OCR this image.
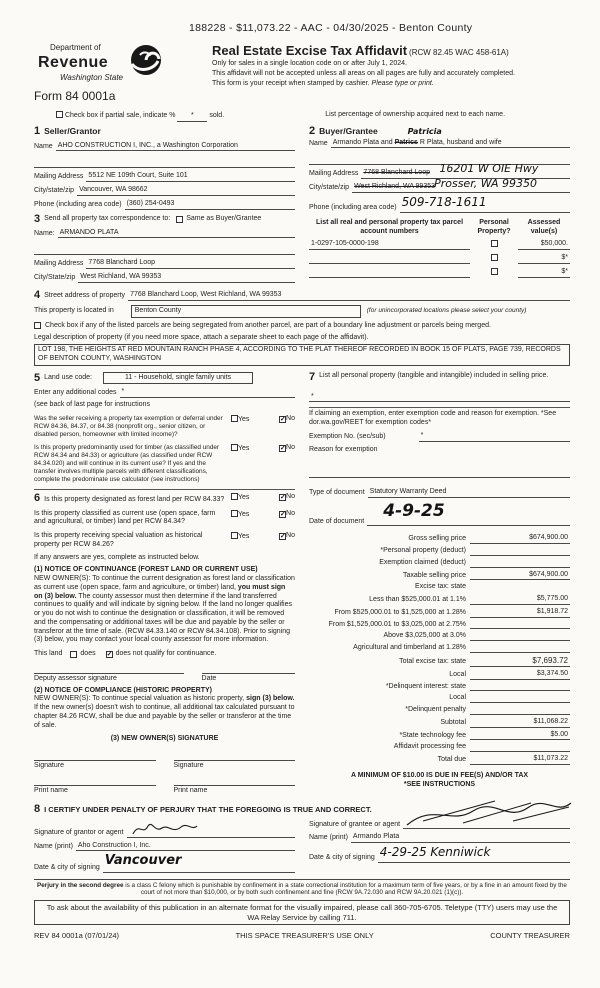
188228 - $11,073.22 - AAC - 04/30/2025 - Benton County
Department of
Revenue
Washington State
Form 84 0001a
Real Estate Excise Tax Affidavit (RCW 82.45 WAC 458-61A)
Only for sales in a single location code on or after July 1, 2024.
This affidavit will not be accepted unless all areas on all pages are fully and accurately completed.
This form is your receipt when stamped by cashier. Please type or print.
Check box if partial sale, indicate % * sold.	List percentage of ownership acquired next to each name.
1 Seller/Grantor
Name AHO CONSTRUCTION I, INC., a Washington Corporation
Mailing Address 5512 NE 109th Court, Suite 101
City/state/zip Vancouver, WA 98662
Phone (including area code) (360) 254-0493
3 Send all property tax correspondence to: Same as Buyer/Grantee
Name: ARMANDO PLATA
Mailing Address 7768 Blanchard Loop
City/State/zip West Richland, WA 99353
2 Buyer/Grantee	Patricia
Name Armando Plata and Patrics R Plata, husband and wife
Mailing Address 7768 Blanchard Loop 16201 W OIE Hwy
City/state/zip West Richland, WA 99353 Prosser, WA 99350
Phone (including area code) 509-718-1611
List all real and personal property tax parcel account numbers
Personal Property?
Assessed value(s)
1-0297-105-0000-198	$50,000.
$*
$*
4 Street address of property 7768 Blanchard Loop, West Richland, WA 99353
This property is located in	Benton County	(for unincorporated locations please select your county)
Check box if any of the listed parcels are being segregated from another parcel, are part of a boundary line adjustment or parcels being merged.
Legal description of property (if you need more space, attach a separate sheet to each page of the affidavit).
LOT 198, THE HEIGHTS AT RED MOUNTAIN RANCH PHASE 4, ACCORDING TO THE PLAT THEREOF RECORDED IN BOOK 15 OF PLATS, PAGE 739, RECORDS OF BENTON COUNTY, WASHINGTON
5 Land use code:	11 - Household, single family units
Enter any additional codes *
(see back of last page for instructions
Was the seller receiving a property tax exemption or deferral under RCW 84.36, 84.37, or 84.38 (nonprofit org., senior citizen, or disabled person, homeowner with limited income)?
Yes	✓No
Is this property predominantly used for timber (as classified under RCW 84.34 and 84.33) or agriculture (as classified under RCW 84.34.020) and will continue in its current use? If yes and the transfer involves multiple parcels with different classifications, complete the predominate use calculator (see instructions)
Yes	✓No
6 Is this property designated as forest land per RCW 84.33?	Yes	✓No
Is this property classified as current use (open space, farm and agricultural, or timber) land per RCW 84.34?
Yes	✓No
Is this property receiving special valuation as historical property per RCW 84.26?
Yes	✓No
If any answers are yes, complete as instructed below.
(1) NOTICE OF CONTINUANCE (FOREST LAND OR CURRENT USE)
NEW OWNER(S): To continue the current designation as forest land or classification as current use (open space, farm and agriculture, or timber) land, you must sign on (3) below. The county assessor must then determine if the land transferred continues to qualify and will indicate by signing below. If the land no longer qualifies or you do not wish to continue the designation or classification, it will be removed and the compensating or additional taxes will be due and payable by the seller or transferor at the time of sale. (RCW 84.33.140 or RCW 84.34.108). Prior to signing (3) below, you may contact your local county assessor for more information.
This land	does ✓ does not qualify for continuance.
Deputy assessor signature	Date
(2) NOTICE OF COMPLIANCE (HISTORIC PROPERTY)
NEW OWNER(S): To continue special valuation as historic property, sign (3) below. If the new owner(s) doesn't wish to continue, all additional tax calculated pursuant to chapter 84.26 RCW, shall be due and payable by the seller or transferor at the time of sale.
(3) NEW OWNER(S) SIGNATURE
Signature	Signature
Print name	Print name
7 List all personal property (tangible and intangible) included in selling price.
*
If claiming an exemption, enter exemption code and reason for exemption. *See dor.wa.gov/REET for exemption codes*
Exemption No. (sec/sub)	*
Reason for exemption
Type of document Statutory Warranty Deed
Date of document	4-9-25
Gross selling price	$674,900.00
*Personal property (deduct)
Exemption claimed (deduct)
Taxable selling price	$674,900.00
Excise tax: state
Less than $525,000.01 at 1.1%	$5,775.00
From $525,000.01 to $1,525,000 at 1.28%	$1,918.72
From $1,525,000.01 to $3,025,000 at 2.75%
Above $3,025,000 at 3.0%
Agricultural and timberland at 1.28%
Total excise tax: state	$7,693.72
Local	$3,374.50
*Delinquent interest: state
Local
*Delinquent penalty
Subtotal	$11,068.22
*State technology fee	$5.00
Affidavit processing fee
Total due	$11,073.22
A MINIMUM OF $10.00 IS DUE IN FEE(S) AND/OR TAX
*SEE INSTRUCTIONS
8 I CERTIFY UNDER PENALTY OF PERJURY THAT THE FOREGOING IS TRUE AND CORRECT.
Signature of grantor or agent
Name (print) Aho Construction I, Inc.
Date & city of signing Vancouver
Signature of grantee or agent
Name (print) Armando Plata
Date & city of signing 4-29-25 Kenniwick
Perjury in the second degree is a class C felony which is punishable by confinement in a state correctional institution for a maximum term of five years, or by a fine in an amount fixed by the court of not more than $10,000, or by both such confinement and fine (RCW 9A.72.030 and RCW 9A.20.021 (1)(c)).
To ask about the availability of this publication in an alternate format for the visually impaired, please call 360-705-6705. Teletype (TTY) users may use the WA Relay Service by calling 711.
REV 84 0001a (07/01/24)	THIS SPACE TREASURER'S USE ONLY	COUNTY TREASURER
